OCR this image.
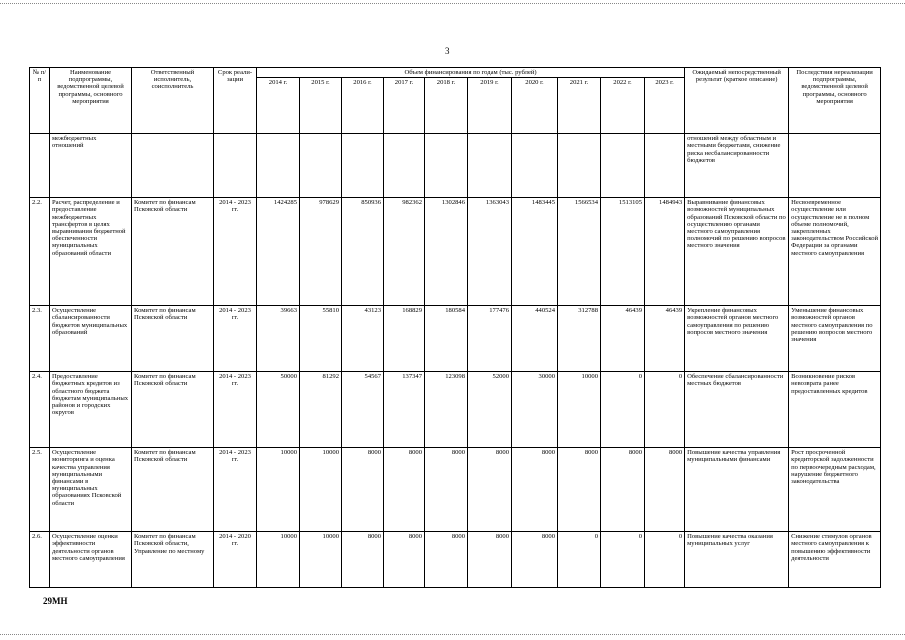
3
№ п/п	Наименование подпрограммы, ведомственной целевой программы, основного мероприятия	Ответственный исполнитель, соисполнитель	Срок реали- зации	Объем финансирования по годам (тыс. рублей)										Ожидаемый непосредственный результат (краткое описание)	Последствия нереализации подпрограммы, ведомственной целевой программы, основного мероприятия
				2014 г.	2015 г.	2016 г.	2017 г.	2018 г.	2019 г.	2020 г.	2021 г.	2022 г.	2023 г.		
	межбюджетных отношений													отношений между областным и местными бюджетами, снижение риска несбалансированности бюджетов	
2.2.	Расчет, распределение и предоставление межбюджетных трансфертов в целях выравнивания бюджетной обеспеченности муниципальных образований области	Комитет по финансам Псковской области	2014 - 2023 гг.	1424285	978629	850936	982362	1302846	1363043	1483445	1566534	1513105	1484943	Выравнивание финансовых возможностей муниципальных образований Псковской области по осуществлению органами местного самоуправления полномочий по решению вопросов местного значения	Несвоевременное осуществление или осуществление не в полном объеме полномочий, закрепленных законодательством Российской Федерации за органами местного самоуправления
2.3.	Осуществление сбалансированности бюджетов муниципальных образований	Комитет по финансам Псковской области	2014 - 2023 гг.	39663	55810	43123	168829	180584	177476	440524	312788	46439	46439	Укрепление финансовых возможностей органов местного самоуправления по решению вопросов местного значения	Уменьшение финансовых возможностей органов местного самоуправления по решению вопросов местного значения
2.4.	Предоставление бюджетных кредитов из областного бюджета бюджетам муниципальных районов и городских округов	Комитет по финансам Псковской области	2014 - 2023 гг.	50000	81292	54567	137347	123098	52000	30000	10000	0	0	Обеспечение сбалансированности местных бюджетов	Возникновение рисков невозврата ранее предоставленных кредитов
2.5.	Осуществление мониторинга и оценка качества управления муниципальными финансами в муниципальных образованиях Псковской области	Комитет по финансам Псковской области	2014 - 2023 гг.	10000	10000	8000	8000	8000	8000	8000	8000	8000	8000	Повышение качества управления муниципальными финансами	Рост просроченной кредиторской задолженности по первоочередным расходам, нарушение бюджетного законодательства
2.6.	Осуществление оценки эффективности деятельности органов местного самоуправления	Комитет по финансам Псковской области, Управление по местному	2014 - 2020 гг.	10000	10000	8000	8000	8000	8000	8000	0	0	0	Повышение качества оказания муниципальных услуг	Снижение стимулов органов местного самоуправления к повышению эффективности деятельности
29МН
